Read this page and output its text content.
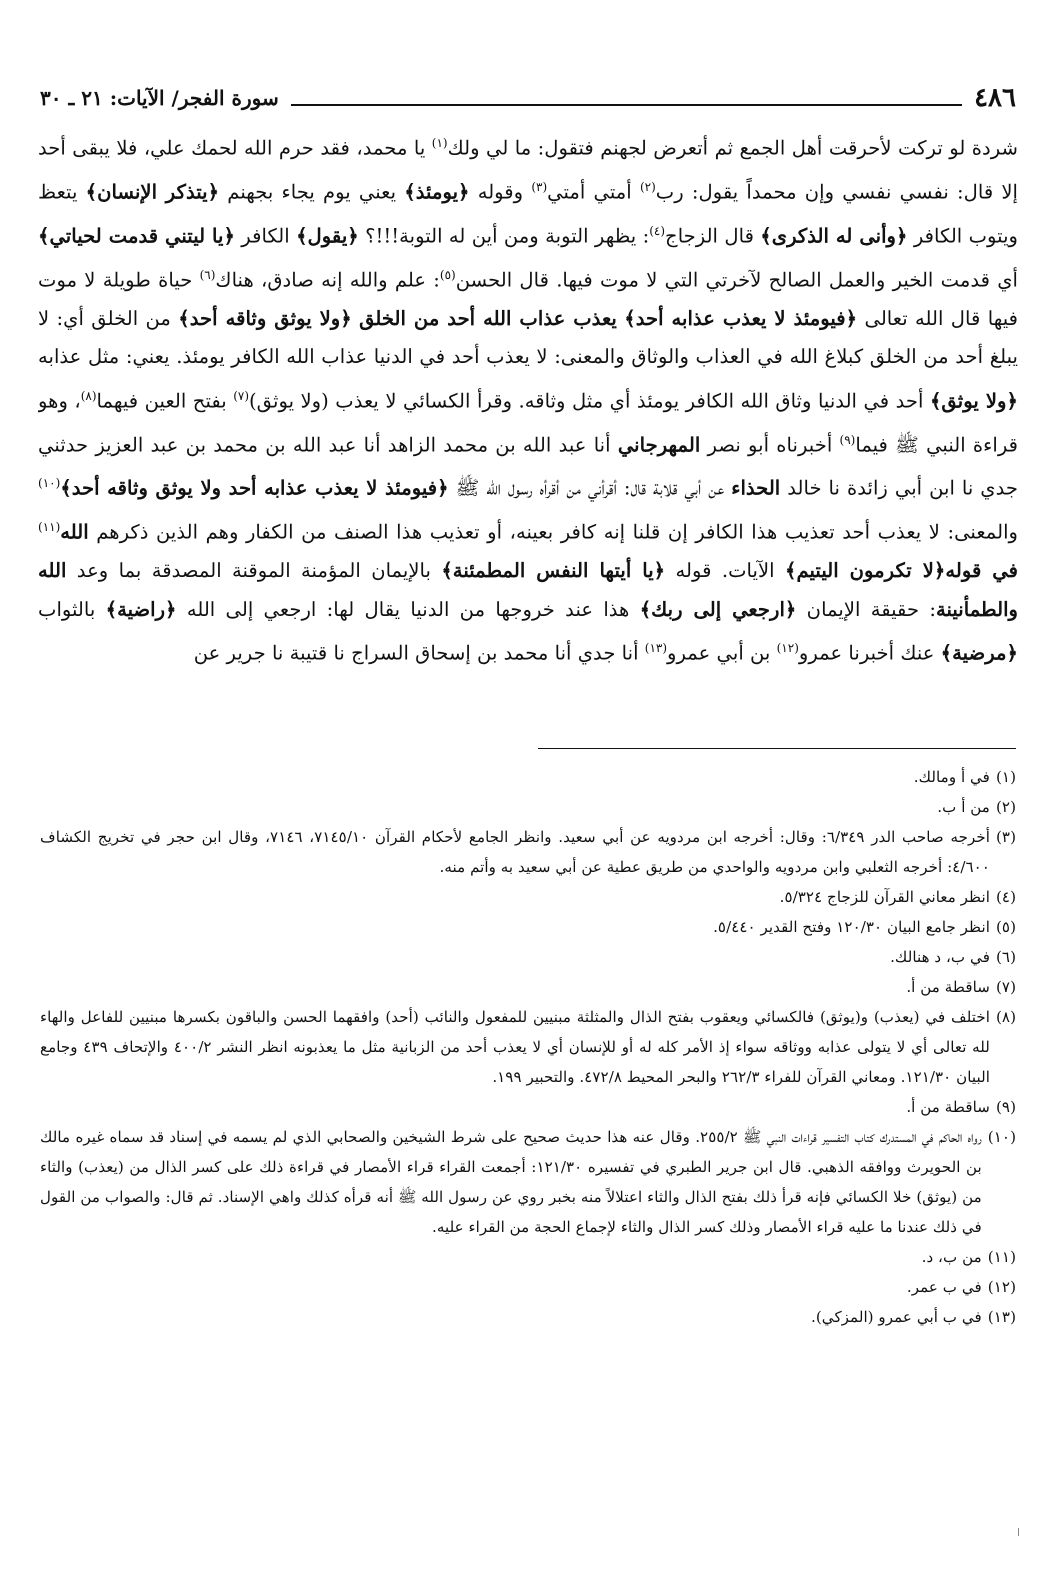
سورة الفجر/ الآيات: ٢١ ـ ٣٠	٤٨٦
شردة لو تركت لأحرقت أهل الجمع ثم أتعرض لجهنم فتقول: ما لي ولك$^{(١)}$ يا محمد، فقد حرم الله لحمك علي، فلا يبقى أحد إلا قال: نفسي نفسي وإن محمداً يقول: رب$^{(٢)}$ أمتي أمتي$^{(٣)}$ وقوله ﴿يومئذ﴾ يعني يوم يجاء بجهنم ﴿يتذكر الإنسان﴾ يتعظ ويتوب الكافر ﴿وأنى له الذكرى﴾ قال الزجاج$^{(٤)}$: يظهر التوبة ومن أين له التوبة!!!؟ ﴿يقول﴾ الكافر ﴿يا ليتني قدمت لحياتي﴾ أي قدمت الخير والعمل الصالح لآخرتي التي لا موت فيها. قال الحسن$^{(٥)}$: علم والله إنه صادق، هناك$^{(٦)}$ حياة طويلة لا موت فيها قال الله تعالى ﴿فيومئذ لا يعذب عذابه أحد﴾ يعذب عذاب الله أحد من الخلق ﴿ولا يوثق وثاقه أحد﴾ من الخلق أي: لا يبلغ أحد من الخلق كبلاغ الله في العذاب والوثاق والمعنى: لا يعذب أحد في الدنيا عذاب الله الكافر يومئذ. يعني: مثل عذابه ﴿ولا يوثق﴾ أحد في الدنيا وثاق الله الكافر يومئذ أي مثل وثاقه. وقرأ الكسائي لا يعذب (ولا يوثق)$^{(٧)}$ بفتح العين فيهما$^{(٨)}$، وهو قراءة النبي ﷺ فيما$^{(٩)}$ أخبرناه أبو نصر المهرجاني أنا عبد الله بن محمد الزاهد أنا عبد الله بن محمد بن عبد العزيز حدثني جدي نا ابن أبي زائدة نا خالد الحذاء عن أبي قلابة قال: أقرأني من أقرأه رسول الله ﷺ ﴿فيومئذ لا يعذب عذابه أحد ولا يوثق وثاقه أحد﴾$^{(١٠)}$ والمعنى: لا يعذب أحد تعذيب هذا الكافر إن قلنا إنه كافر بعينه، أو تعذيب هذا الصنف من الكفار وهم الذين ذكرهم الله$^{(١١)}$ في قوله﴿لا تكرمون اليتيم﴾ الآيات. قوله ﴿يا أيتها النفس المطمئنة﴾ بالإيمان المؤمنة الموقنة المصدقة بما وعد الله والطمأنينة: حقيقة الإيمان ﴿ارجعي إلى ربك﴾ هذا عند خروجها من الدنيا يقال لها: ارجعي إلى الله ﴿راضية﴾ بالثواب ﴿مرضية﴾ عنك أخبرنا عمرو$^{(١٢)}$ بن أبي عمرو$^{(١٣)}$ أنا جدي أنا محمد بن إسحاق السراج نا قتيبة نا جرير عن
(١)
في أ ومالك.
(٢)
من أ ب.
(٣)
أخرجه صاحب الدر ٦/٣٤٩: وقال: أخرجه ابن مردويه عن أبي سعيد. وانظر الجامع لأحكام القرآن ٧١٤٥/١٠، ٧١٤٦، وقال ابن حجر في تخريج الكشاف ٤/٦٠٠: أخرجه الثعلبي وابن مردويه والواحدي من طريق عطية عن أبي سعيد به وأتم منه.
(٤)
انظر معاني القرآن للزجاج ٥/٣٢٤.
(٥)
انظر جامع البيان ١٢٠/٣٠ وفتح القدير ٥/٤٤٠.
(٦)
في ب، د هنالك.
(٧)
ساقطة من أ.
(٨)
اختلف في (يعذب) و(يوثق) فالكسائي ويعقوب بفتح الذال والمثلثة مبنيين للمفعول والنائب (أحد) وافقهما الحسن والباقون بكسرها مبنيين للفاعل والهاء لله تعالى أي لا يتولى عذابه ووثاقه سواء إذ الأمر كله له أو للإنسان أي لا يعذب أحد من الزبانية مثل ما يعذبونه انظر النشر ٤٠٠/٢ والإتحاف ٤٣٩ وجامع البيان ١٢١/٣٠. ومعاني القرآن للفراء ٢٦٢/٣ والبحر المحيط ٤٧٢/٨. والتحبير ١٩٩.
(٩)
ساقطة من أ.
(١٠)
رواه الحاكم في المستدرك كتاب التفسير قراءات النبي ﷺ ٢٥٥/٢. وقال عنه هذا حديث صحيح على شرط الشيخين والصحابي الذي لم يسمه في إسناد قد سماه غيره مالك بن الحويرث ووافقه الذهبي. قال ابن جرير الطبري في تفسيره ١٢١/٣٠: أجمعت القراء قراء الأمصار في قراءة ذلك على كسر الذال من (يعذب) والثاء من (يوثق) خلا الكسائي فإنه قرأ ذلك بفتح الذال والثاء اعتلالاً منه بخبر روي عن رسول الله ﷺ أنه قرأه كذلك واهي الإسناد. ثم قال: والصواب من القول في ذلك عندنا ما عليه قراء الأمصار وذلك كسر الذال والثاء لإجماع الحجة من القراء عليه.
(١١)
من ب، د.
(١٢)
في ب عمر.
(١٣)
في ب أبي عمرو (المزكي).
